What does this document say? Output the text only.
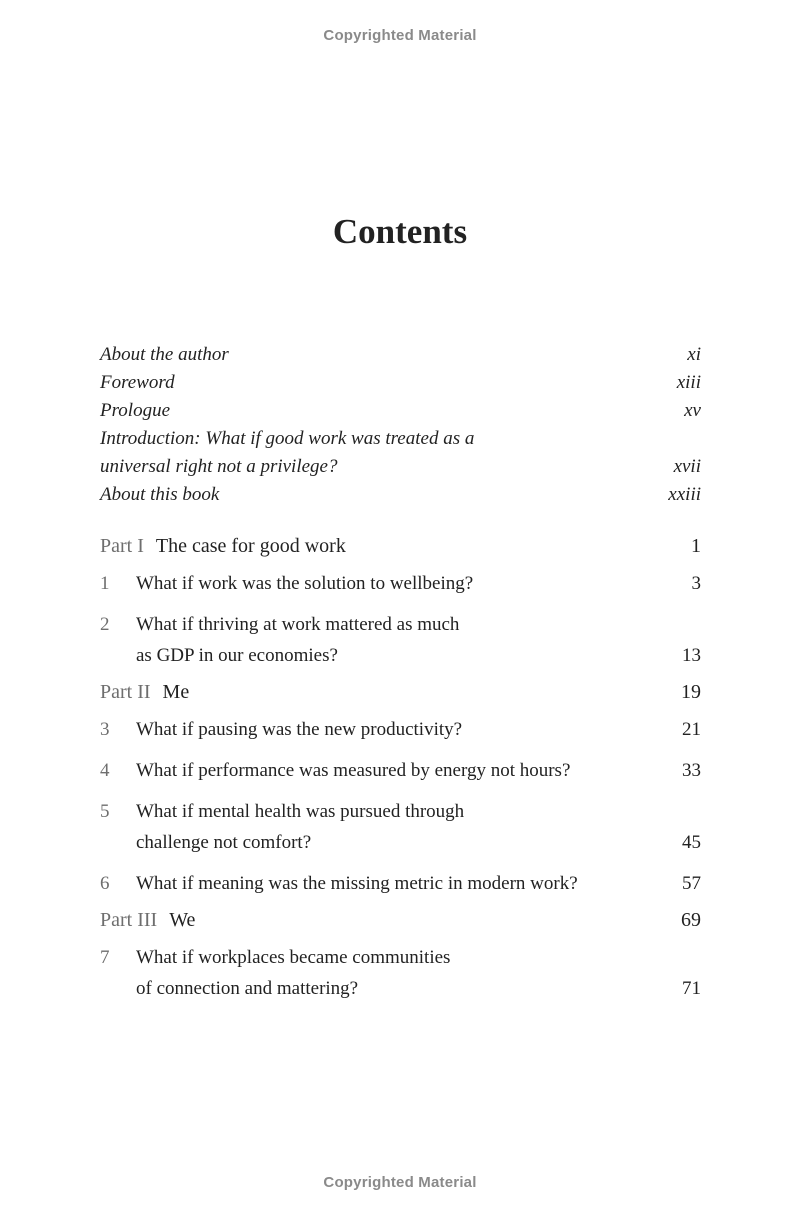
Copyrighted Material
Contents
About the author	xi
Foreword	xiii
Prologue	xv
Introduction: What if good work was treated as a
universal right not a privilege?	xvii
About this book	xxiii
Part I The case for good work	1
1	What if work was the solution to wellbeing?	3
2	What if thriving at work mattered as much
as GDP in our economies?	13
Part II Me	19
3	What if pausing was the new productivity?	21
4	What if performance was measured by energy not hours?	33
5	What if mental health was pursued through
challenge not comfort?	45
6	What if meaning was the missing metric in modern work?	57
Part III We	69
7	What if workplaces became communities
of connection and mattering?	71
Copyrighted Material
